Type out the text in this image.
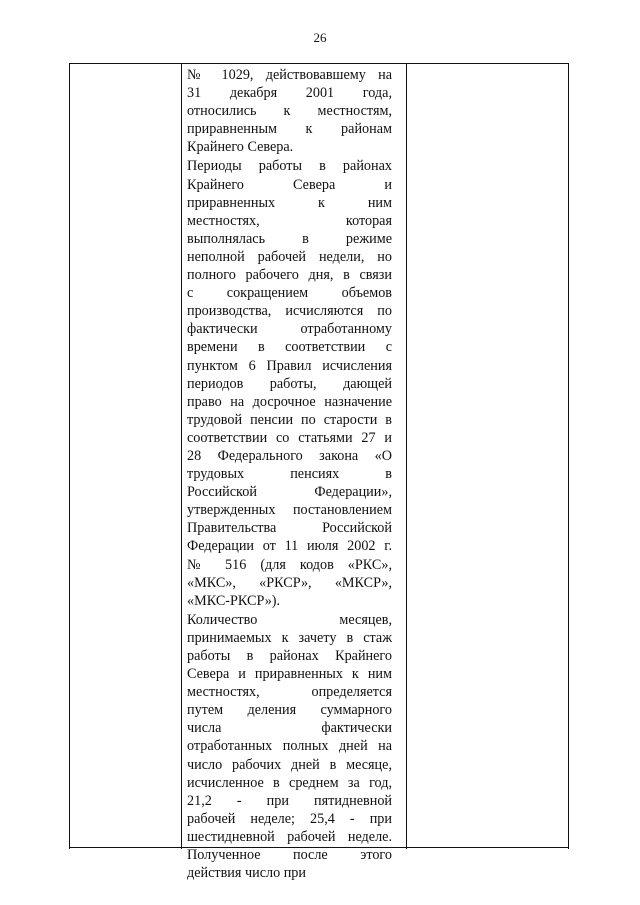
26
№ 1029, действовавшему на
31 декабря 2001 года,
относились к местностям,
приравненным к районам
Крайнего Севера.
Периоды работы в районах
Крайнего Севера и
приравненных к ним
местностях, которая
выполнялась в режиме
неполной рабочей недели, но
полного рабочего дня, в связи
с сокращением объемов
производства, исчисляются по
фактически отработанному
времени в соответствии с
пунктом 6 Правил исчисления
периодов работы, дающей
право на досрочное назначение
трудовой пенсии по старости в
соответствии со статьями 27 и
28 Федерального закона «О
трудовых пенсиях в
Российской Федерации»,
утвержденных постановлением
Правительства Российской
Федерации от 11 июля 2002 г.
№ 516 (для кодов «РКС»,
«МКС», «РКСР», «МКСР»,
«МКС-РКСР»).
Количество месяцев,
принимаемых к зачету в стаж
работы в районах Крайнего
Севера и приравненных к ним
местностях, определяется
путем деления суммарного
числа фактически
отработанных полных дней на
число рабочих дней в месяце,
исчисленное в среднем за год,
21,2 - при пятидневной
рабочей неделе; 25,4 - при
шестидневной рабочей неделе.
Полученное после этого
действия число при
